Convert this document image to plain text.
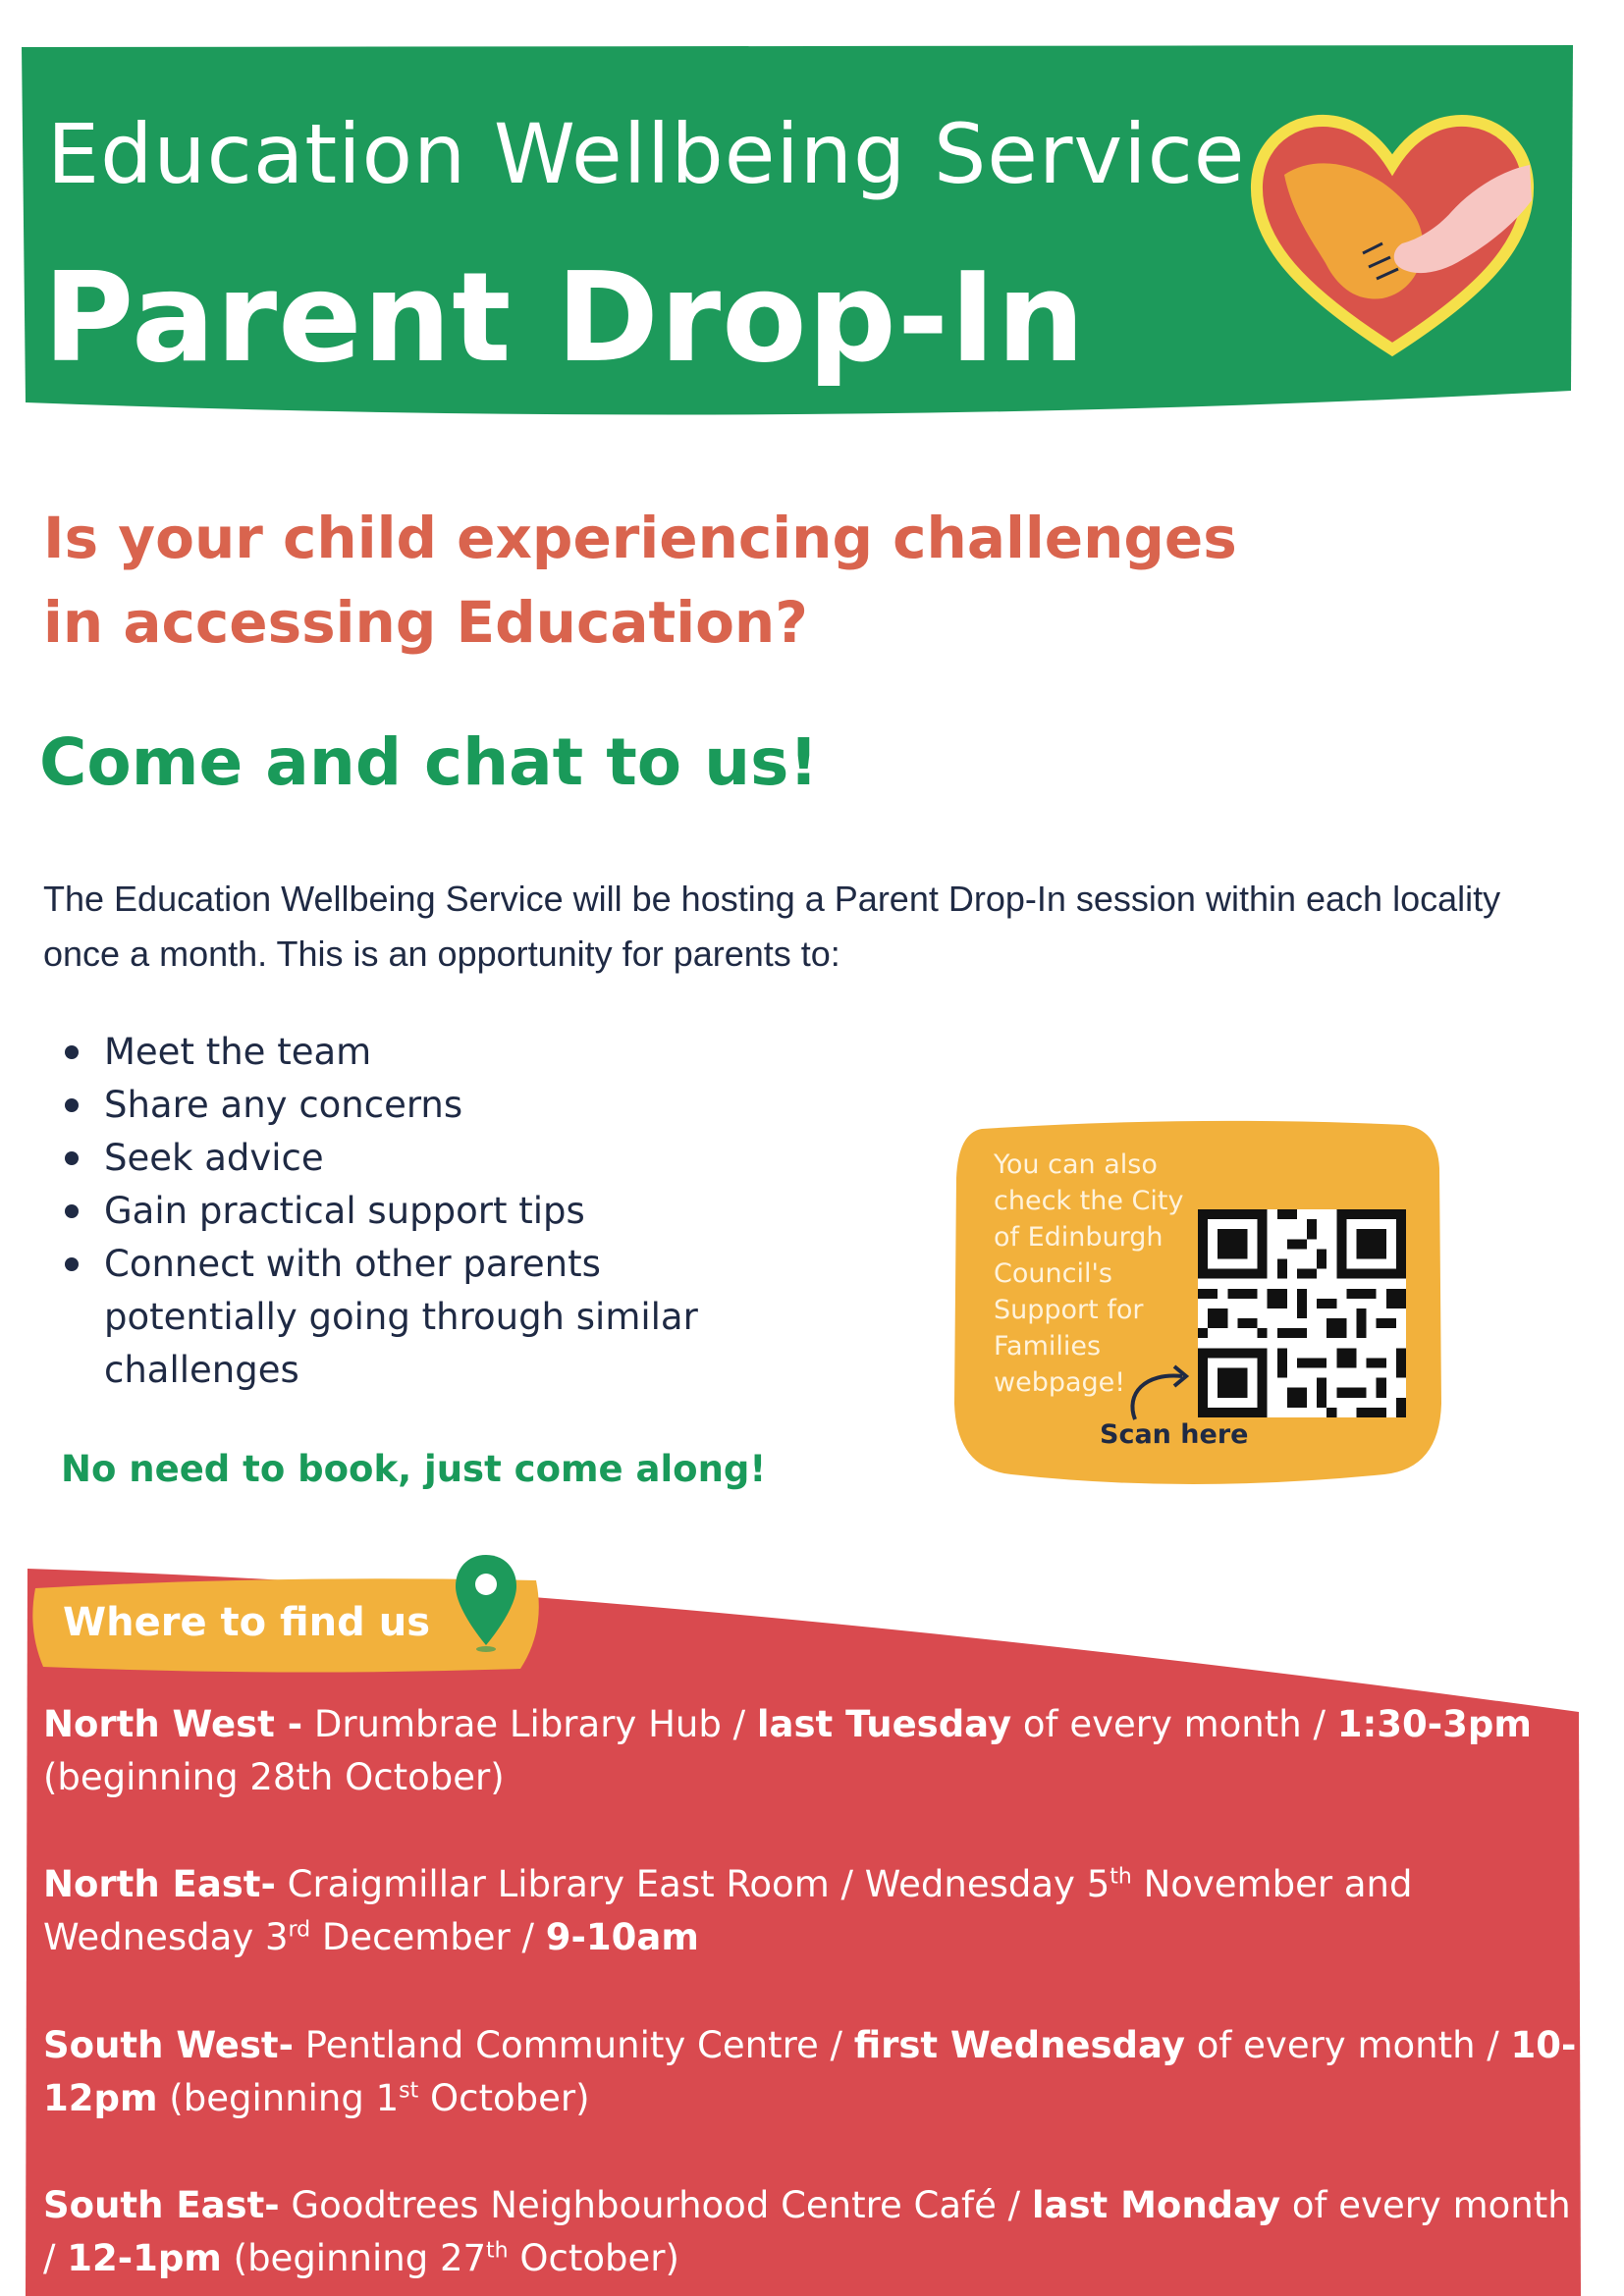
Education Wellbeing Service
Parent Drop-In
Is your child experiencing challenges
in accessing Education?
Come and chat to us!
The Education Wellbeing Service will be hosting a Parent Drop-In session within each locality once a month. This is an opportunity for parents to:
Meet the team
Share any concerns
Seek advice
Gain practical support tips
Connect with other parents potentially going through similar challenges
No need to book, just come along!
You can also check the City of Edinburgh Council's Support for Families webpage!
Scan here
Where to find us
North West - Drumbrae Library Hub / last Tuesday of every month / 1:30-3pm (beginning 28th October)
North East- Craigmillar Library East Room / Wednesday 5th November and Wednesday 3rd December / 9-10am
South West- Pentland Community Centre / first Wednesday of every month / 10-12pm (beginning 1st October)
South East- Goodtrees Neighbourhood Centre Café / last Monday of every month / 12-1pm (beginning 27th October)
